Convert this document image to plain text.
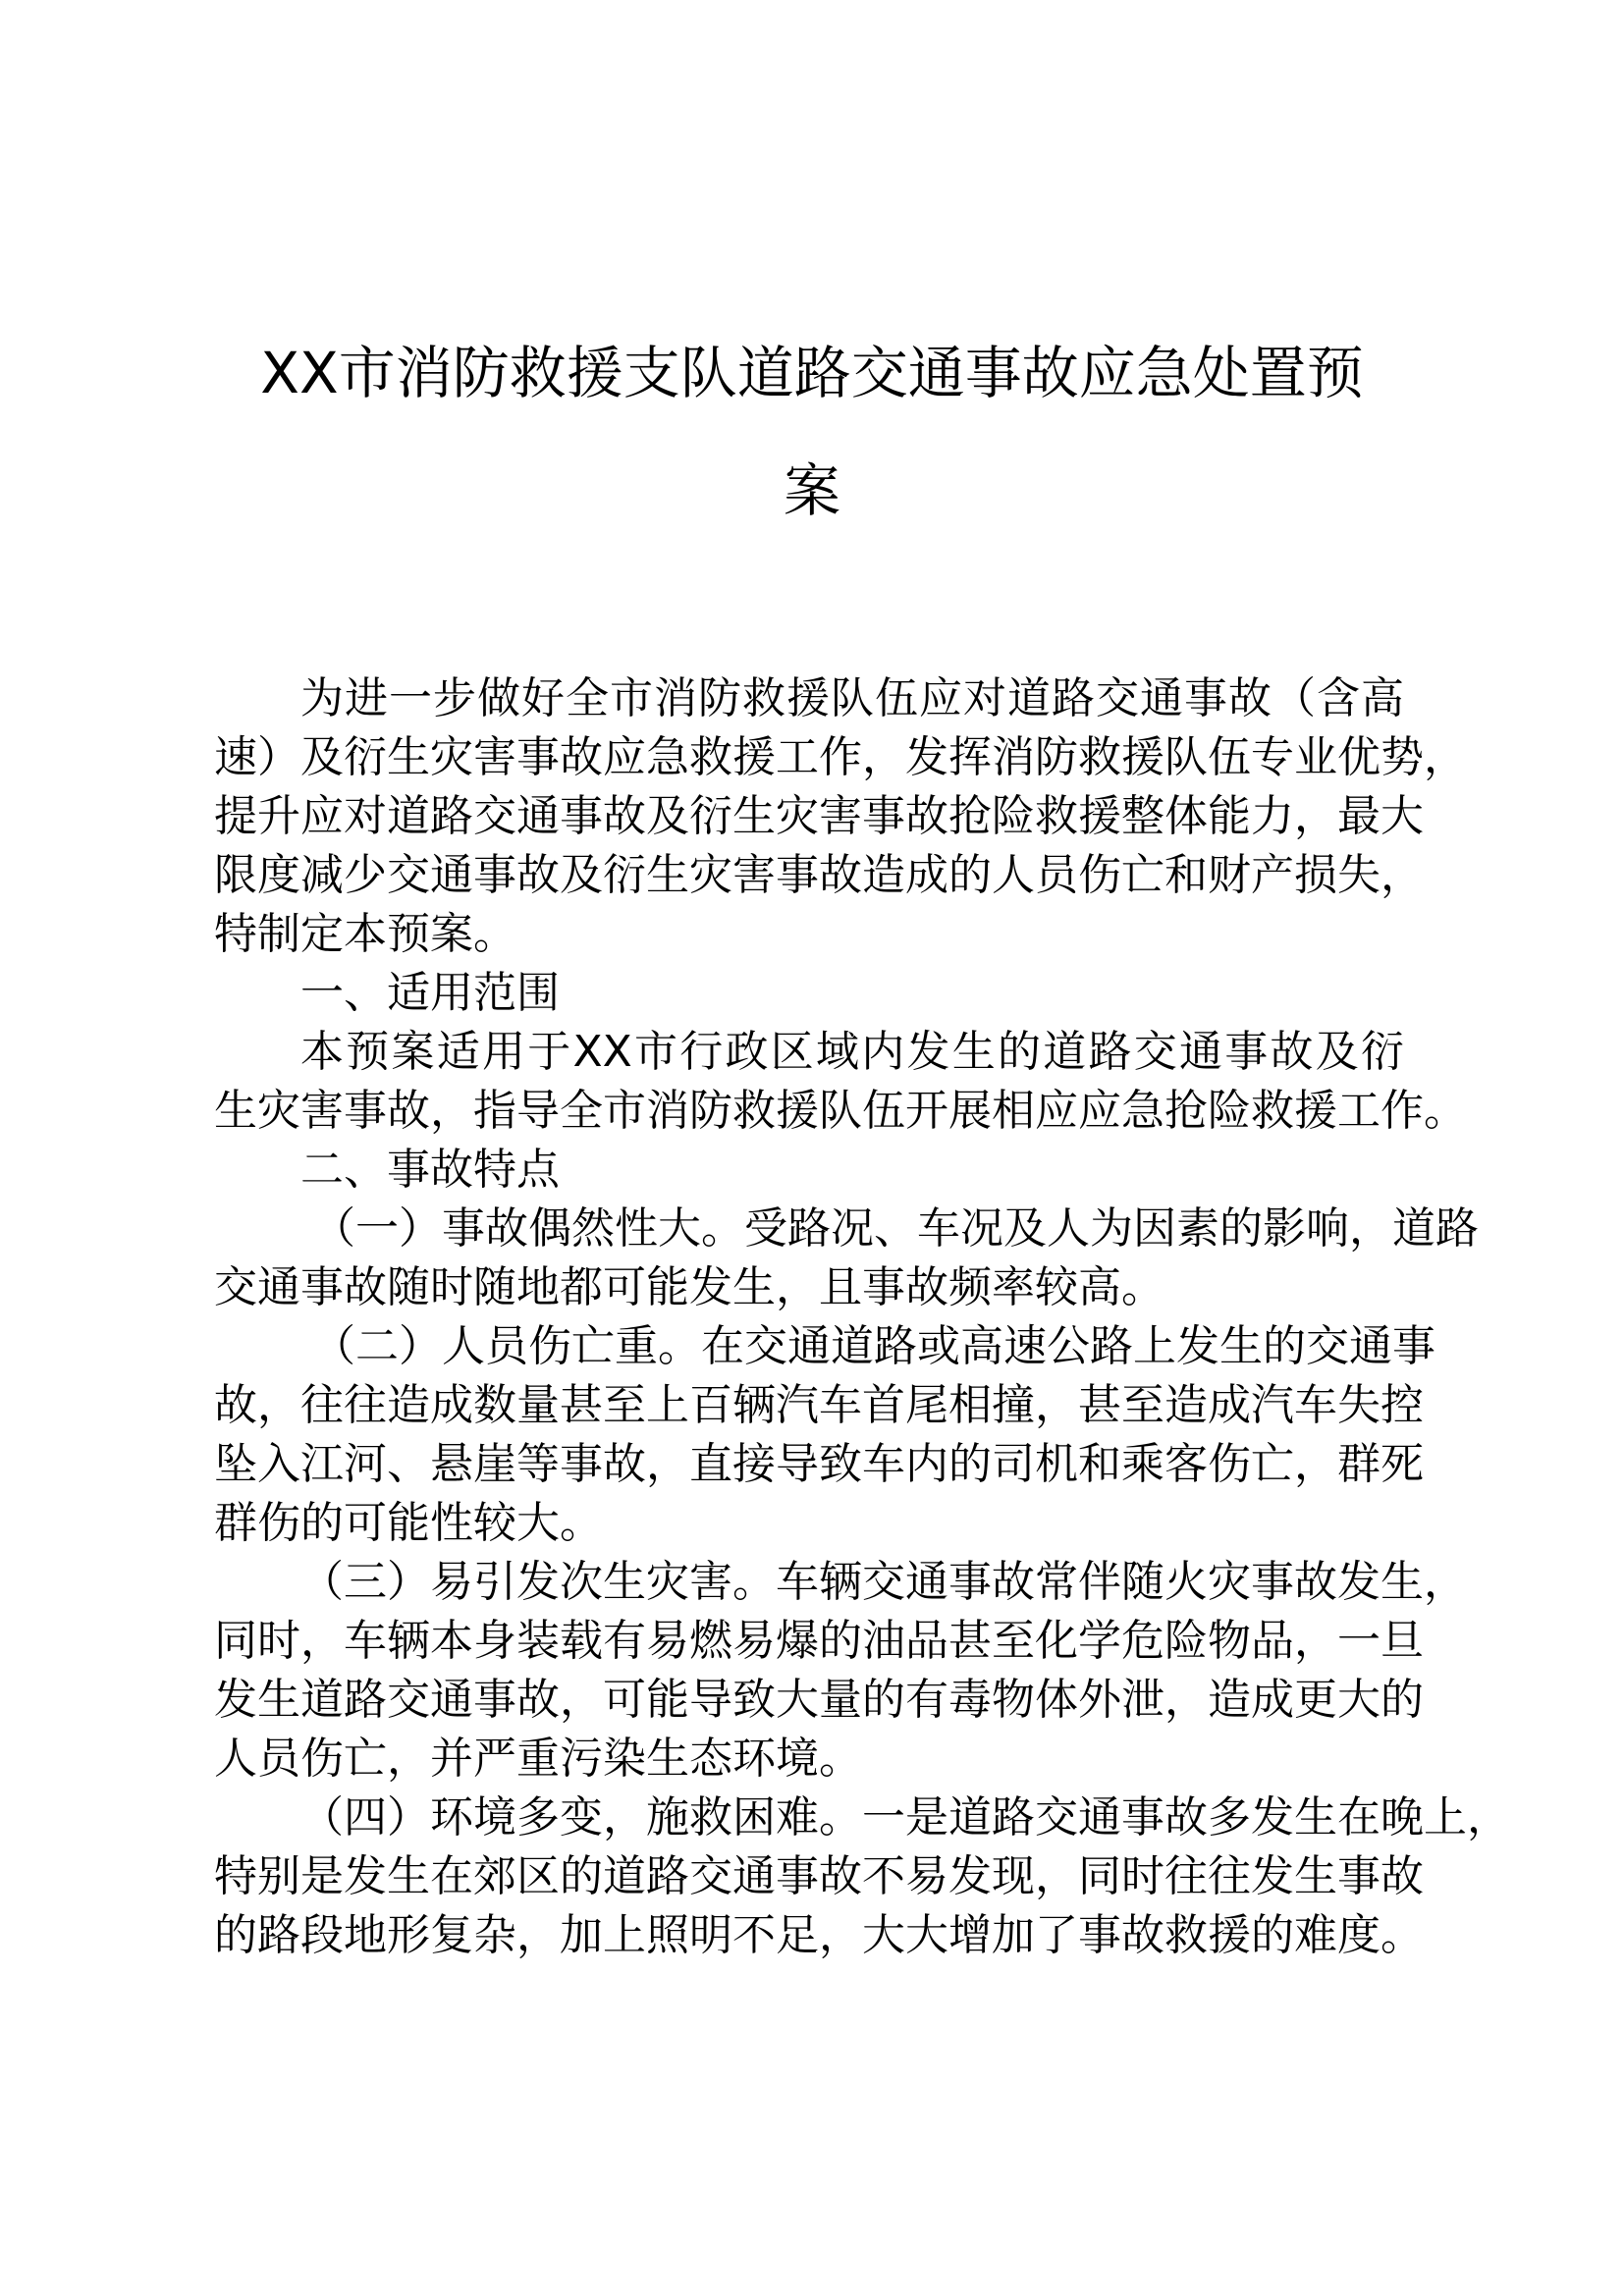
XX市消防救援支队道路交通事故应急处置预
案
为进一步做好全市消防救援队伍应对道路交通事故（含高
速）及衍生灾害事故应急救援工作，发挥消防救援队伍专业优势，
提升应对道路交通事故及衍生灾害事故抢险救援整体能力，最大
限度减少交通事故及衍生灾害事故造成的人员伤亡和财产损失，
特制定本预案。
一、适用范围
本预案适用于XX市行政区域内发生的道路交通事故及衍
生灾害事故，指导全市消防救援队伍开展相应应急抢险救援工作。
二、事故特点
（一）事故偶然性大。受路况、车况及人为因素的影响，道路
交通事故随时随地都可能发生，且事故频率较高。
（二）人员伤亡重。在交通道路或高速公路上发生的交通事
故，往往造成数量甚至上百辆汽车首尾相撞，甚至造成汽车失控
坠入江河、悬崖等事故，直接导致车内的司机和乘客伤亡，群死
群伤的可能性较大。
（三）易引发次生灾害。车辆交通事故常伴随火灾事故发生，
同时，车辆本身装载有易燃易爆的油品甚至化学危险物品，一旦
发生道路交通事故，可能导致大量的有毒物体外泄，造成更大的
人员伤亡，并严重污染生态环境。
（四）环境多变，施救困难。一是道路交通事故多发生在晚上，
特别是发生在郊区的道路交通事故不易发现，同时往往发生事故
的路段地形复杂，加上照明不足，大大增加了事故救援的难度。
